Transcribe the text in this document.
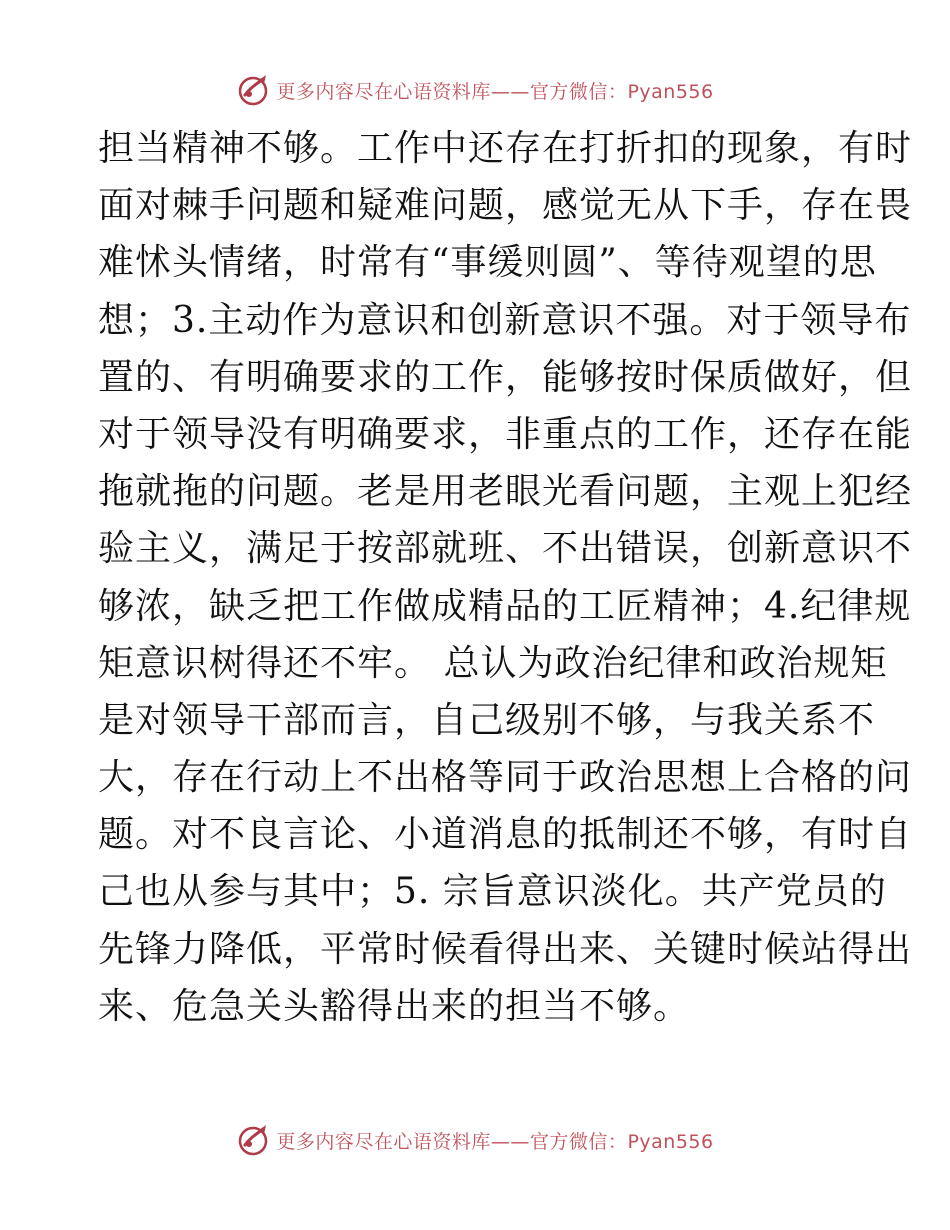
更多内容尽在心语资料库——官方微信：Pyan556
担当精神不够。工作中还存在打折扣的现象，有时
面对棘手问题和疑难问题，感觉无从下手，存在畏
难怵头情绪，时常有“事缓则圆”、等待观望的思
想；3.主动作为意识和创新意识不强。对于领导布
置的、有明确要求的工作，能够按时保质做好，但
对于领导没有明确要求，非重点的工作，还存在能
拖就拖的问题。老是用老眼光看问题，主观上犯经
验主义，满足于按部就班、不出错误，创新意识不
够浓，缺乏把工作做成精品的工匠精神；4.纪律规
矩意识树得还不牢。 总认为政治纪律和政治规矩
是对领导干部而言，自己级别不够，与我关系不
大，存在行动上不出格等同于政治思想上合格的问
题。对不良言论、小道消息的抵制还不够，有时自
己也从参与其中；5. 宗旨意识淡化。共产党员的
先锋力降低，平常时候看得出来、关键时候站得出
来、危急关头豁得出来的担当不够。
更多内容尽在心语资料库——官方微信：Pyan556
